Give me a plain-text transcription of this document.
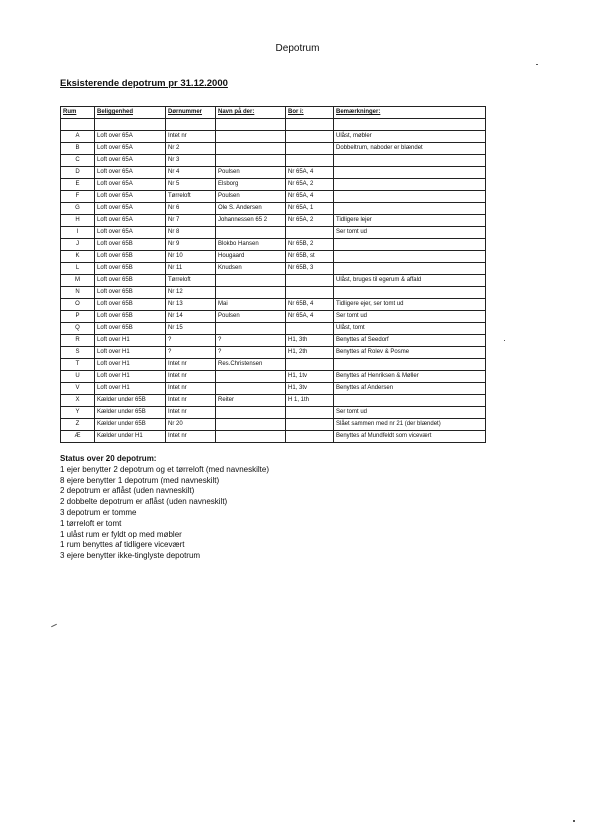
Depotrum
Eksisterende depotrum pr 31.12.2000
Rum	Beliggenhed	Dørnummer	Navn på der:	Bor i:	Bemærkninger:

A	Loft over 65A	Intet nr			Ulåst, møbler
B	Loft over 65A	Nr 2			Dobbeltrum, naboder er blændet
C	Loft over 65A	Nr 3			
D	Loft over 65A	Nr 4	Poulsen	Nr 65A, 4	
E	Loft over 65A	Nr 5	Elsborg	Nr 65A, 2	
F	Loft over 65A	Tørreloft	Poulsen	Nr 65A, 4	
G	Loft over 65A	Nr 6	Ole S. Andersen	Nr 65A, 1	
H	Loft over 65A	Nr 7	Johannessen 65 2	Nr 65A, 2	Tidligere lejer
I	Loft over 65A	Nr 8			Ser tomt ud
J	Loft over 65B	Nr 9	Blokbo Hansen	Nr 65B, 2	
K	Loft over 65B	Nr 10	Hougaard	Nr 65B, st	
L	Loft over 65B	Nr 11	Knudsen	Nr 65B, 3	
M	Loft over 65B	Tørreloft			Ulåst, bruges til egerum & affald
N	Loft over 65B	Nr 12			
O	Loft over 65B	Nr 13	Mai	Nr 65B, 4	Tidligere ejer, ser tomt ud
P	Loft over 65B	Nr 14	Poulsen	Nr 65A, 4	Ser tomt ud
Q	Loft over 65B	Nr 15			Ulåst, tomt
R	Loft over H1	?	?	H1, 3th	Benyttes af Seedorf
S	Loft over H1	?	?	H1, 2th	Benyttes af Rolev & Posme
T	Loft over H1	Intet nr	Res.Christensen		
U	Loft over H1	Intet nr		H1, 1tv	Benyttes af Henriksen & Møller
V	Loft over H1	Intet nr		H1, 3tv	Benyttes af Andersen
X	Kælder under 65B	Intet nr	Reiter	H 1, 1th	
Y	Kælder under 65B	Intet nr			Ser tomt ud
Z	Kælder under 65B	Nr 20			Slået sammen med nr 21 (der blændet)
Æ	Kælder under H1	Intet nr			Benyttes af Mundfeldt som vicevært
Status over 20 depotrum:
1 ejer benytter 2 depotrum og et tørreloft (med navneskilte)
8 ejere benytter 1 depotrum (med navneskilt)
2 depotrum er aflåst (uden navneskilt)
2 dobbelte depotrum er aflåst (uden navneskilt)
3 depotrum er tomme
1 tørreloft er tomt
1 ulåst rum er fyldt op med møbler
1 rum benyttes af tidligere vicevært
3 ejere benytter ikke-tinglyste depotrum
